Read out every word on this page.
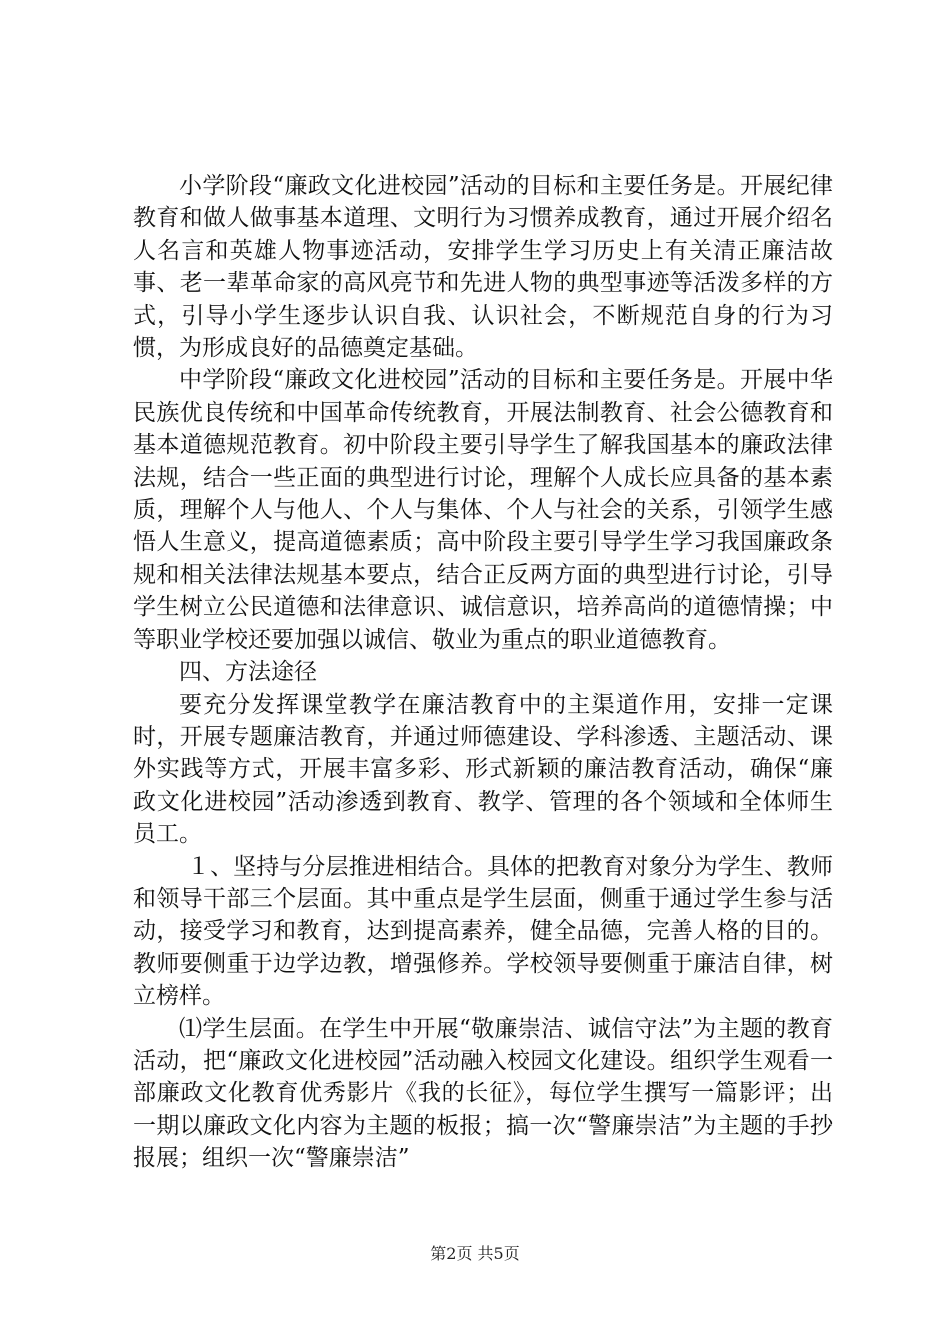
小学阶段“廉政文化进校园”活动的目标和主要任务是。开展纪律教育和做人做事基本道理、文明行为习惯养成教育，通过开展介绍名人名言和英雄人物事迹活动，安排学生学习历史上有关清正廉洁故事、老一辈革命家的高风亮节和先进人物的典型事迹等活泼多样的方式，引导小学生逐步认识自我、认识社会，不断规范自身的行为习惯，为形成良好的品德奠定基础。

中学阶段“廉政文化进校园”活动的目标和主要任务是。开展中华民族优良传统和中国革命传统教育，开展法制教育、社会公德教育和基本道德规范教育。初中阶段主要引导学生了解我国基本的廉政法律法规，结合一些正面的典型进行讨论，理解个人成长应具备的基本素质，理解个人与他人、个人与集体、个人与社会的关系，引领学生感悟人生意义，提高道德素质；高中阶段主要引导学生学习我国廉政条规和相关法律法规基本要点，结合正反两方面的典型进行讨论，引导学生树立公民道德和法律意识、诚信意识，培养高尚的道德情操；中等职业学校还要加强以诚信、敬业为重点的职业道德教育。

四、方法途径

要充分发挥课堂教学在廉洁教育中的主渠道作用，安排一定课时，开展专题廉洁教育，并通过师德建设、学科渗透、主题活动、课外实践等方式，开展丰富多彩、形式新颖的廉洁教育活动，确保“廉政文化进校园”活动渗透到教育、教学、管理的各个领域和全体师生员工。

１、坚持与分层推进相结合。具体的把教育对象分为学生、教师和领导干部三个层面。其中重点是学生层面，侧重于通过学生参与活动，接受学习和教育，达到提高素养，健全品德，完善人格的目的。教师要侧重于边学边教，增强修养。学校领导要侧重于廉洁自律，树立榜样。

⑴学生层面。在学生中开展“敬廉崇洁、诚信守法”为主题的教育活动，把“廉政文化进校园”活动融入校园文化建设。组织学生观看一部廉政文化教育优秀影片《我的长征》，每位学生撰写一篇影评；出一期以廉政文化内容为主题的板报；搞一次“警廉崇洁”为主题的手抄报展；组织一次“警廉崇洁”

第2页 共5页
